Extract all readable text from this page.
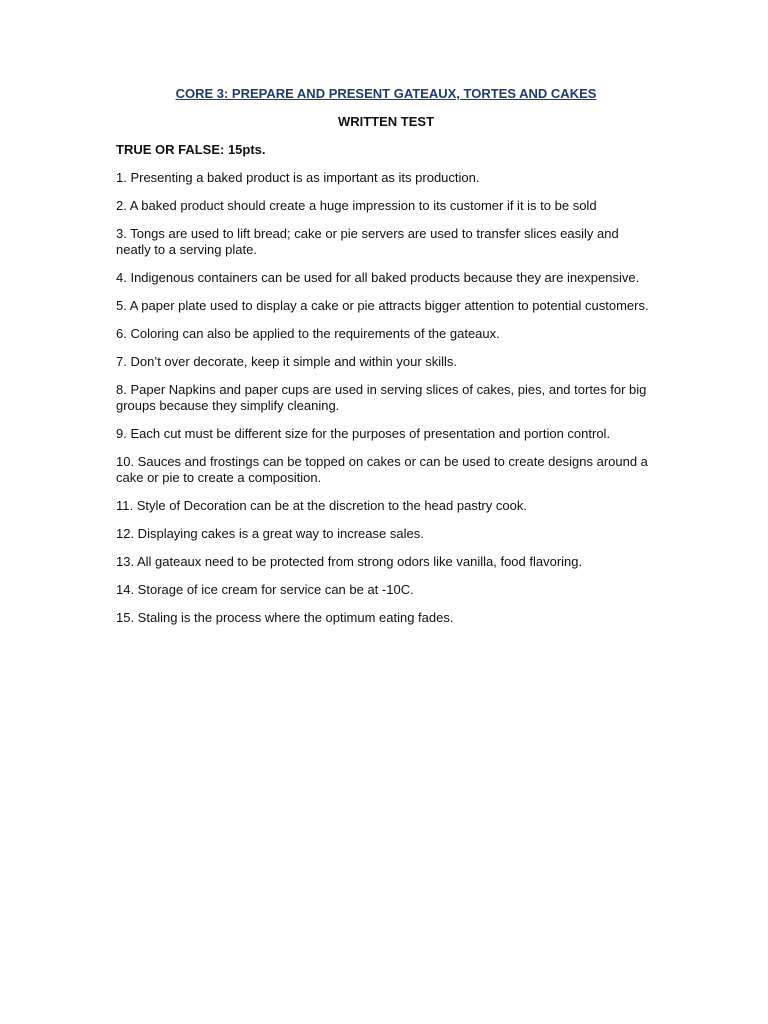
CORE 3: PREPARE AND PRESENT GATEAUX, TORTES AND CAKES
WRITTEN TEST
TRUE OR FALSE: 15pts.
1. Presenting a baked product is as important as its production.
2. A baked product should create a huge impression to its customer if it is to be sold
3. Tongs are used to lift bread; cake or pie servers are used to transfer slices easily and neatly to a serving plate.
4. Indigenous containers can be used for all baked products because they are inexpensive.
5. A paper plate used to display a cake or pie attracts bigger attention to potential customers.
6. Coloring can also be applied to the requirements of the gateaux.
7. Don’t over decorate, keep it simple and within your skills.
8. Paper Napkins and paper cups are used in serving slices of cakes, pies, and tortes for big groups because they simplify cleaning.
9. Each cut must be different size for the purposes of presentation and portion control.
10. Sauces and frostings can be topped on cakes or can be used to create designs around a cake or pie to create a composition.
11. Style of Decoration can be at the discretion to the head pastry cook.
12. Displaying cakes is a great way to increase sales.
13. All gateaux need to be protected from strong odors like vanilla, food flavoring.
14. Storage of ice cream for service can be at -10C.
15. Staling is the process where the optimum eating fades.
